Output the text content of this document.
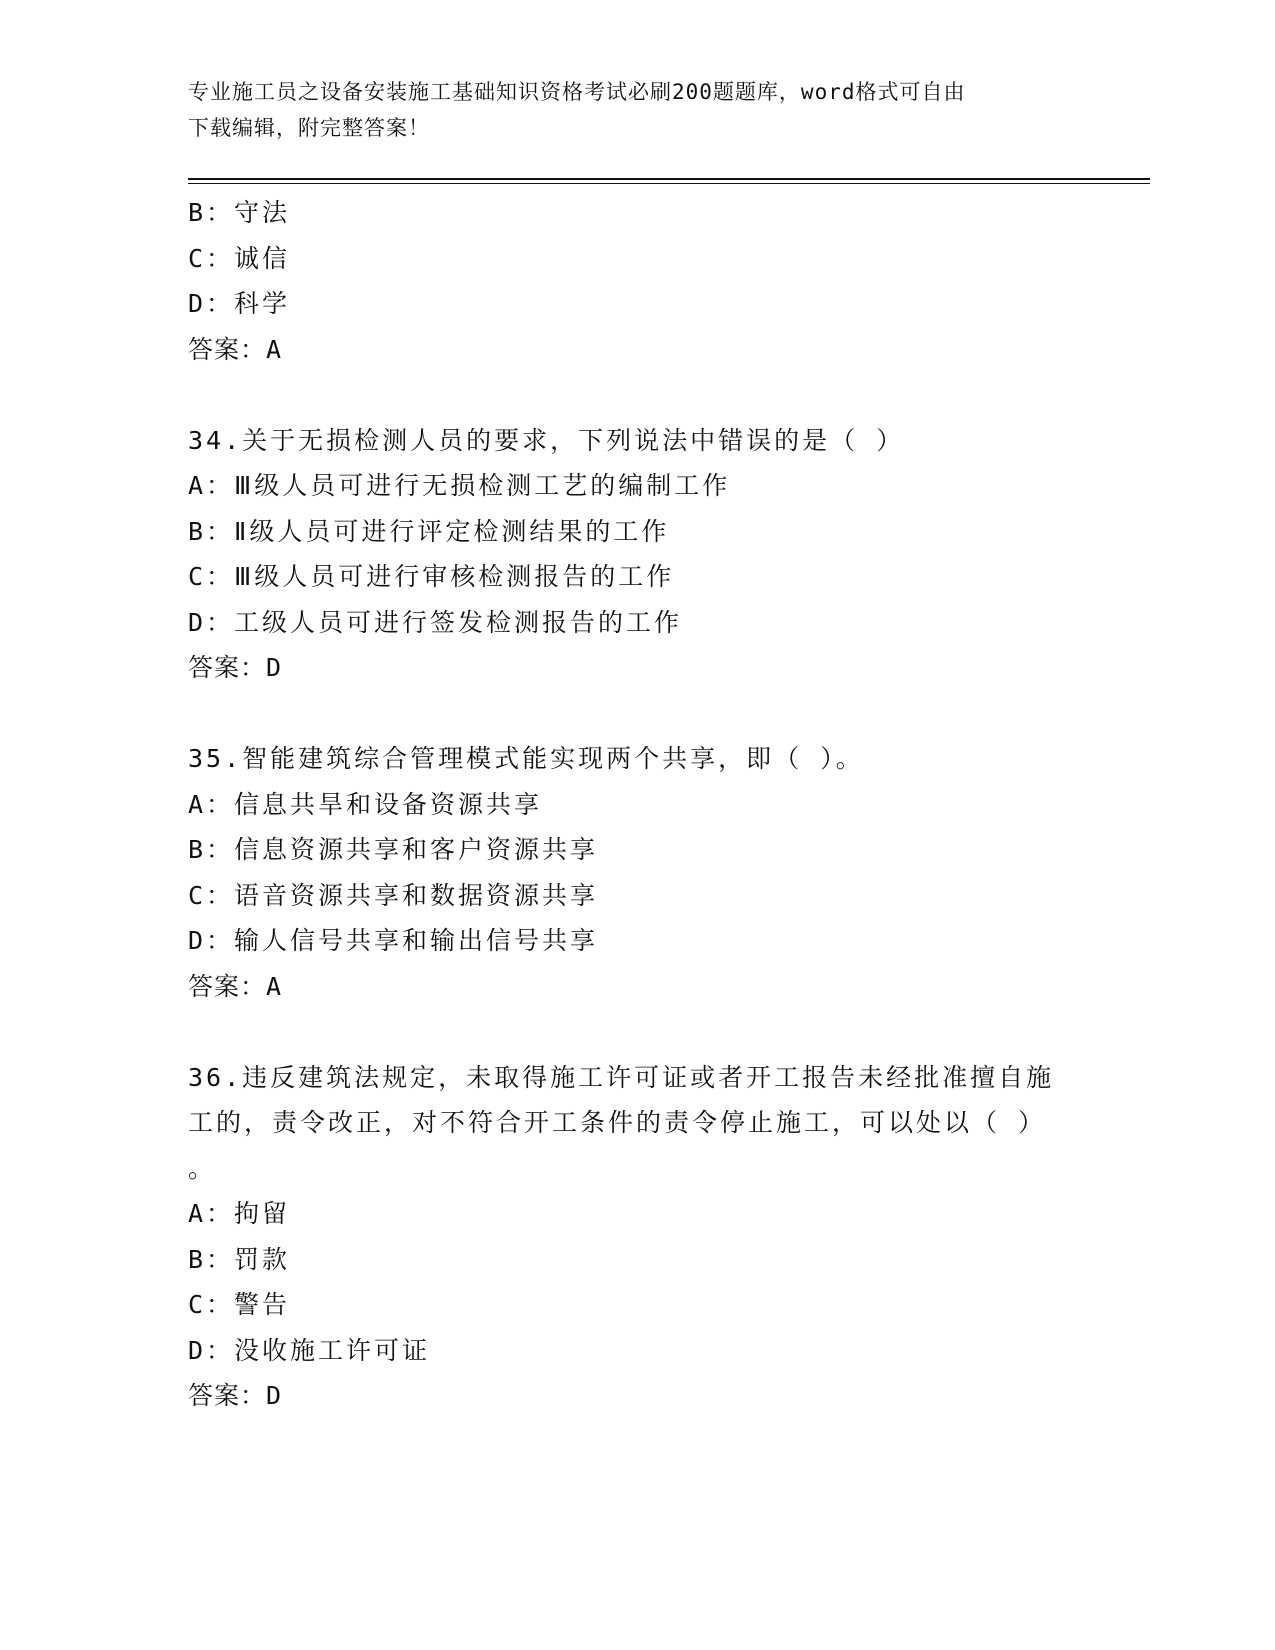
专业施工员之设备安装施工基础知识资格考试必刷200题题库，word格式可自由
下载编辑，附完整答案！
B：守法
C：诚信
D：科学
答案：A
34.关于无损检测人员的要求，下列说法中错误的是（ ）
A：Ⅲ级人员可进行无损检测工艺的编制工作
B：Ⅱ级人员可进行评定检测结果的工作
C：Ⅲ级人员可进行审核检测报告的工作
D：工级人员可进行签发检测报告的工作
答案：D
35.智能建筑综合管理模式能实现两个共享，即（ ）。
A：信息共旱和设备资源共享
B：信息资源共享和客户资源共享
C：语音资源共享和数据资源共享
D：输人信号共享和输出信号共享
答案：A
36.违反建筑法规定，未取得施工许可证或者开工报告未经批准擅自施
工的，责令改正，对不符合开工条件的责令停止施工，可以处以（ ）
。
A：拘留
B：罚款
C：警告
D：没收施工许可证
答案：D
